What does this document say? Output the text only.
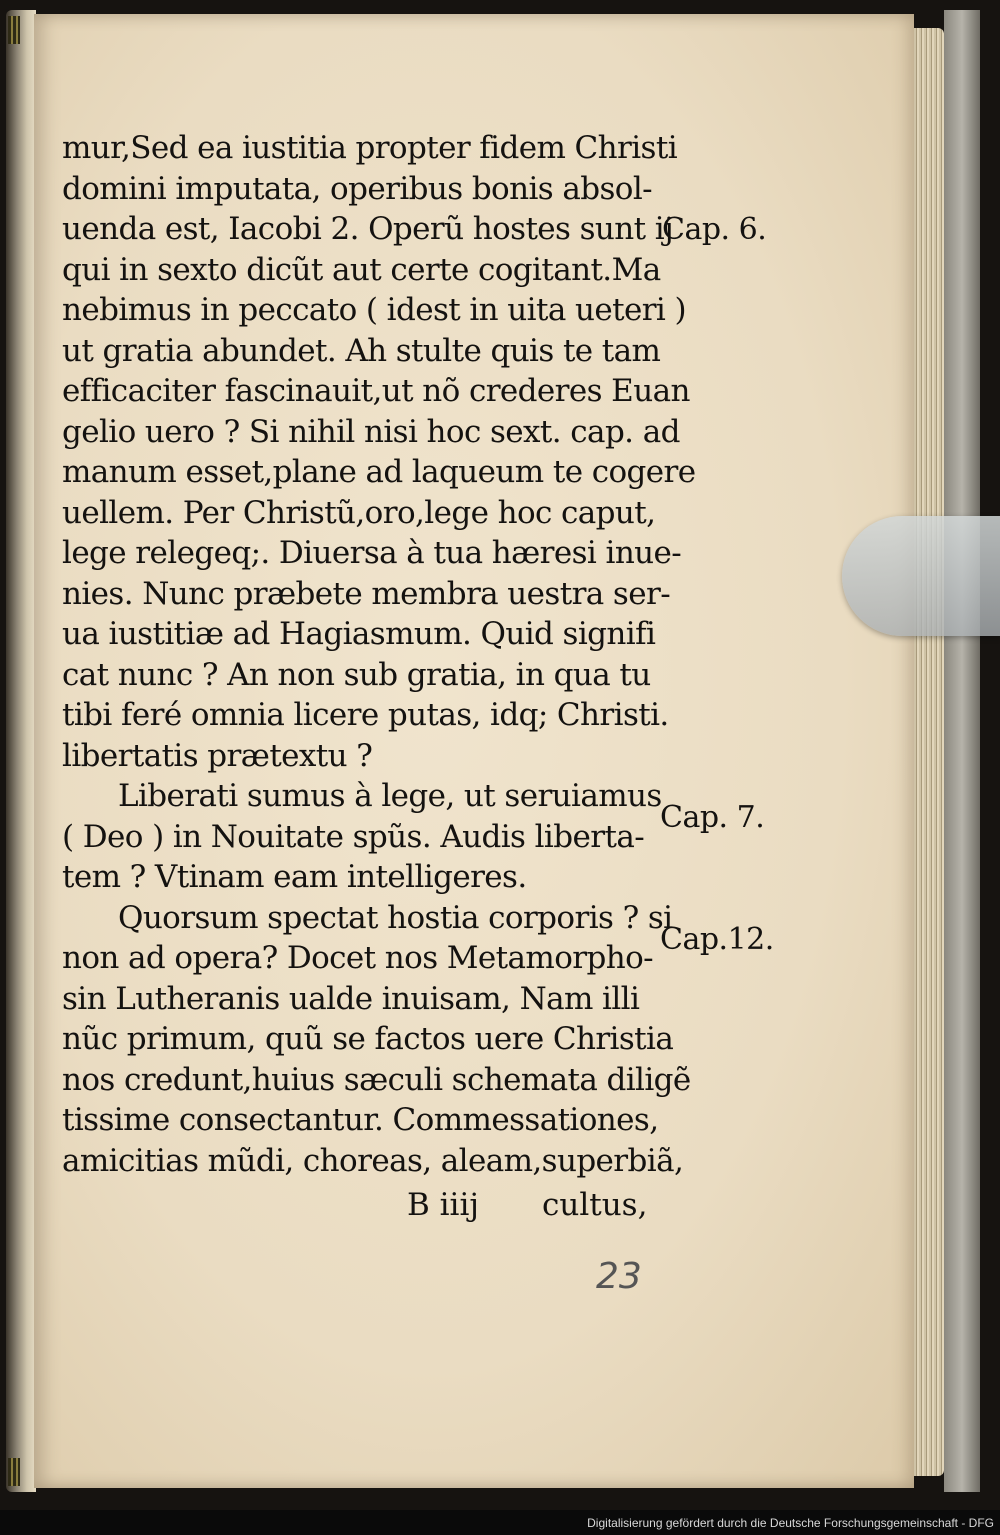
mur,Sed ea iustitia propter fidem Christi
domini imputata, operibus bonis absol-
uenda est, Iacobi 2. Operũ hostes sunt ij
qui in sexto dicũt aut certe cogitant.Ma
nebimus in peccato ( idest in uita ueteri )
ut gratia abundet. Ah stulte quis te tam
efficaciter fascinauit,ut nõ crederes Euan
gelio uero ? Si nihil nisi hoc sext. cap. ad
manum esset,plane ad laqueum te cogere
uellem. Per Christũ,oro,lege hoc caput,
lege relegeq;. Diuersa à tua hæresi inue-
nies. Nunc præbete membra uestra ser-
ua iustitiæ ad Hagiasmum. Quid signifi
cat nunc ? An non sub gratia, in qua tu
tibi feré omnia licere putas, idq; Christi.
libertatis prætextu ?
Liberati sumus à lege, ut seruiamus
( Deo ) in Nouitate spũs. Audis liberta-
tem ? Vtinam eam intelligeres.
Quorsum spectat hostia corporis ? si
non ad opera? Docet nos Metamorpho-
sin Lutheranis ualde inuisam, Nam illi
nũc primum, quũ se factos uere Christia
nos credunt,huius sæculi schemata diligẽ
tissime consectantur. Commessationes,
amicitias mũdi, choreas, aleam,superbiã,
B iiij cultus,
Cap. 6.
Cap. 7.
Cap.12.
23
Digitalisierung gefördert durch die Deutsche Forschungsgemeinschaft - DFG
